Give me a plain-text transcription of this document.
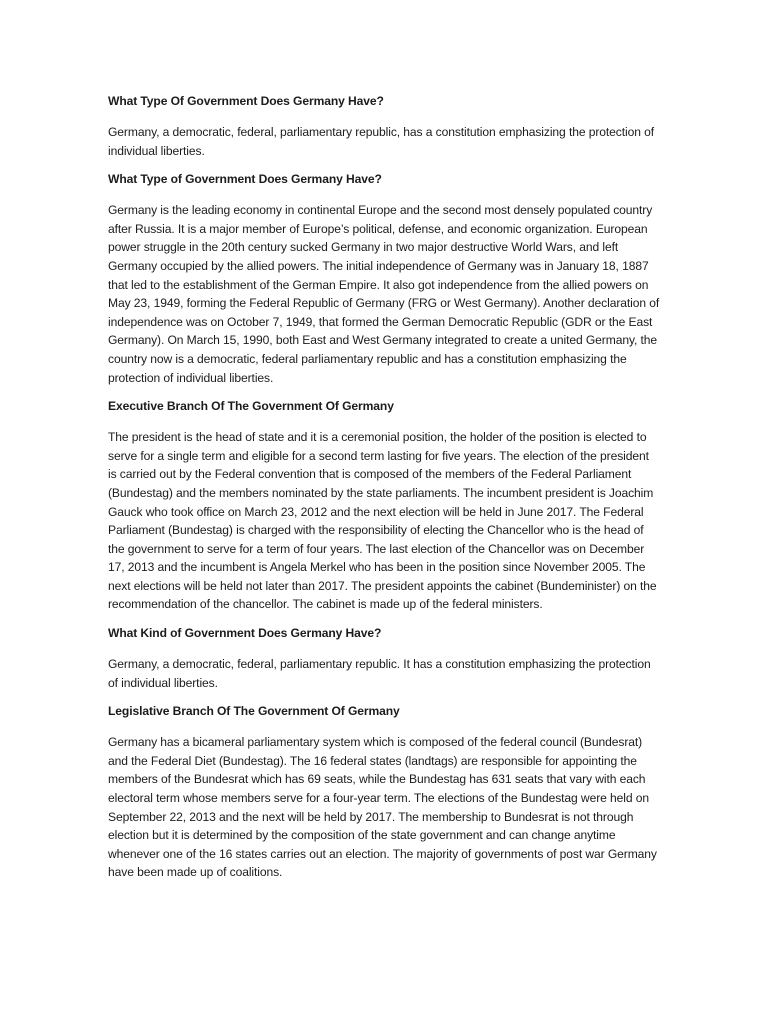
What Type Of Government Does Germany Have?

Germany, a democratic, federal, parliamentary republic, has a constitution emphasizing the protection of individual liberties.

What Type of Government Does Germany Have?

Germany is the leading economy in continental Europe and the second most densely populated country after Russia. It is a major member of Europe’s political, defense, and economic organization. European power struggle in the 20th century sucked Germany in two major destructive World Wars, and left Germany occupied by the allied powers. The initial independence of Germany was in January 18, 1887 that led to the establishment of the German Empire. It also got independence from the allied powers on May 23, 1949, forming the Federal Republic of Germany (FRG or West Germany). Another declaration of independence was on October 7, 1949, that formed the German Democratic Republic (GDR or the East Germany). On March 15, 1990, both East and West Germany integrated to create a united Germany, the country now is a democratic, federal parliamentary republic and has a constitution emphasizing the protection of individual liberties.

Executive Branch Of The Government Of Germany

The president is the head of state and it is a ceremonial position, the holder of the position is elected to serve for a single term and eligible for a second term lasting for five years. The election of the president is carried out by the Federal convention that is composed of the members of the Federal Parliament (Bundestag) and the members nominated by the state parliaments. The incumbent president is Joachim Gauck who took office on March 23, 2012 and the next election will be held in June 2017. The Federal Parliament (Bundestag) is charged with the responsibility of electing the Chancellor who is the head of the government to serve for a term of four years. The last election of the Chancellor was on December 17, 2013 and the incumbent is Angela Merkel who has been in the position since November 2005. The next elections will be held not later than 2017. The president appoints the cabinet (Bundeminister) on the recommendation of the chancellor. The cabinet is made up of the federal ministers.

What Kind of Government Does Germany Have?

Germany, a democratic, federal, parliamentary republic. It has a constitution emphasizing the protection of individual liberties.

Legislative Branch Of The Government Of Germany

Germany has a bicameral parliamentary system which is composed of the federal council (Bundesrat) and the Federal Diet (Bundestag). The 16 federal states (landtags) are responsible for appointing the members of the Bundesrat which has 69 seats, while the Bundestag has 631 seats that vary with each electoral term whose members serve for a four-year term. The elections of the Bundestag were held on September 22, 2013 and the next will be held by 2017. The membership to Bundesrat is not through election but it is determined by the composition of the state government and can change anytime whenever one of the 16 states carries out an election. The majority of governments of post war Germany have been made up of coalitions.
